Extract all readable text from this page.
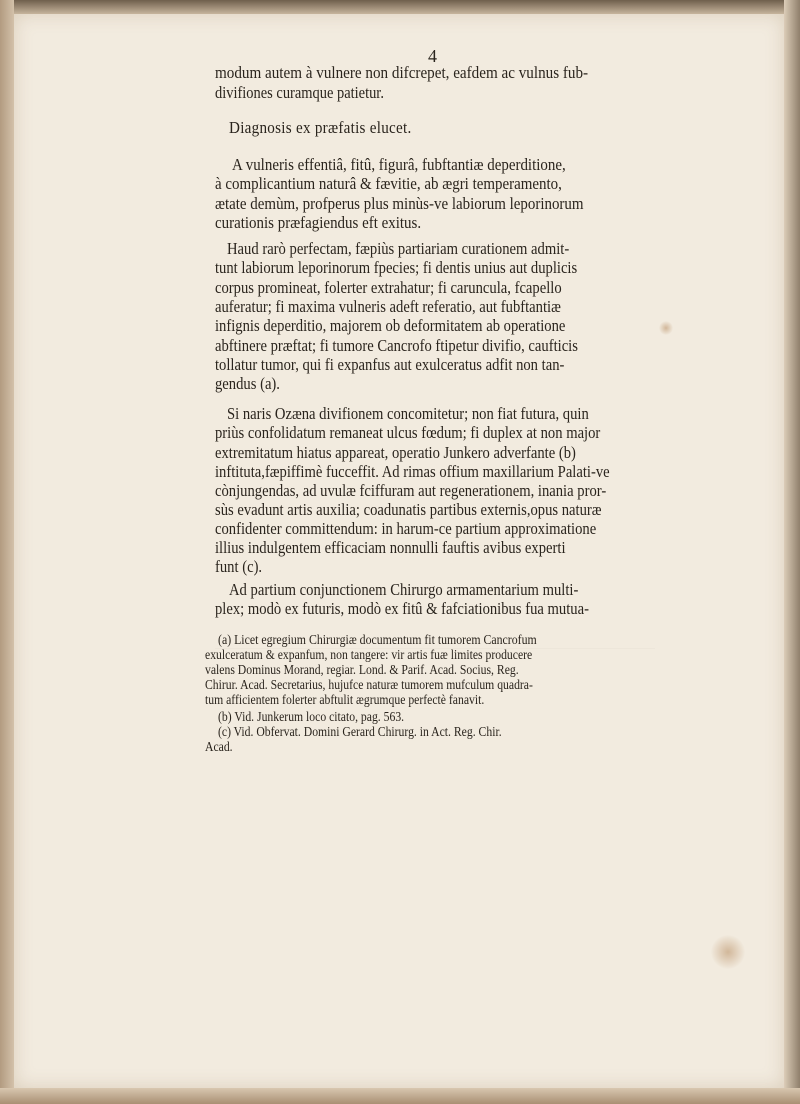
4
modum autem à vulnere non difcrepet, eafdem ac vulnus fub-
divifiones curamque patietur.
Diagnosis ex præfatis elucet.
A vulneris effentiâ, fitû, figurâ, fubftantiæ deperditione,
à complicantium naturâ & fævitie, ab ægri temperamento,
ætate demùm, profperus plus minùs-ve labiorum leporinorum
curationis præfagiendus eft exitus.
Haud rarò perfectam, fæpiùs partiariam curationem admit-
tunt labiorum leporinorum fpecies; fi dentis unius aut duplicis
corpus promineat, folerter extrahatur; fi caruncula, fcapello
auferatur; fi maxima vulneris adeft referatio, aut fubftantiæ
infignis deperditio, majorem ob deformitatem ab operatione
abftinere præftat; fi tumore Cancrofo ftipetur divifio, caufticis
tollatur tumor, qui fi expanfus aut exulceratus adfit non tan-
gendus (a).
Si naris Ozæna divifionem concomitetur; non fiat futura, quin
priùs confolidatum remaneat ulcus fœdum; fi duplex at non major
extremitatum hiatus appareat, operatio Junkero adverfante (b)
inftituta,fæpiffimè fucceffit. Ad rimas offium maxillarium Palati-ve
cònjungendas, ad uvulæ fciffuram aut regenerationem, inania pror-
sùs evadunt artis auxilia; coadunatis partibus externis,opus naturæ
confidenter committendum: in harum-ce partium approximatione
illius indulgentem efficaciam nonnulli fauftis avibus experti
funt (c).
Ad partium conjunctionem Chirurgo armamentarium multi-
plex; modò ex futuris, modò ex fitû & fafciationibus fua mutua-
(a) Licet egregium Chirurgiæ documentum fit tumorem Cancrofum
exulceratum & expanfum, non tangere: vir artis fuæ limites producere
valens Dominus Morand, regiar. Lond. & Parif. Acad. Socius, Reg.
Chirur. Acad. Secretarius, hujufce naturæ tumorem mufculum quadra-
tum afficientem folerter abftulit ægrumque perfectè fanavit.
(b) Vid. Junkerum loco citato, pag. 563.
(c) Vid. Obfervat. Domini Gerard Chirurg. in Act. Reg. Chir.
Acad.
